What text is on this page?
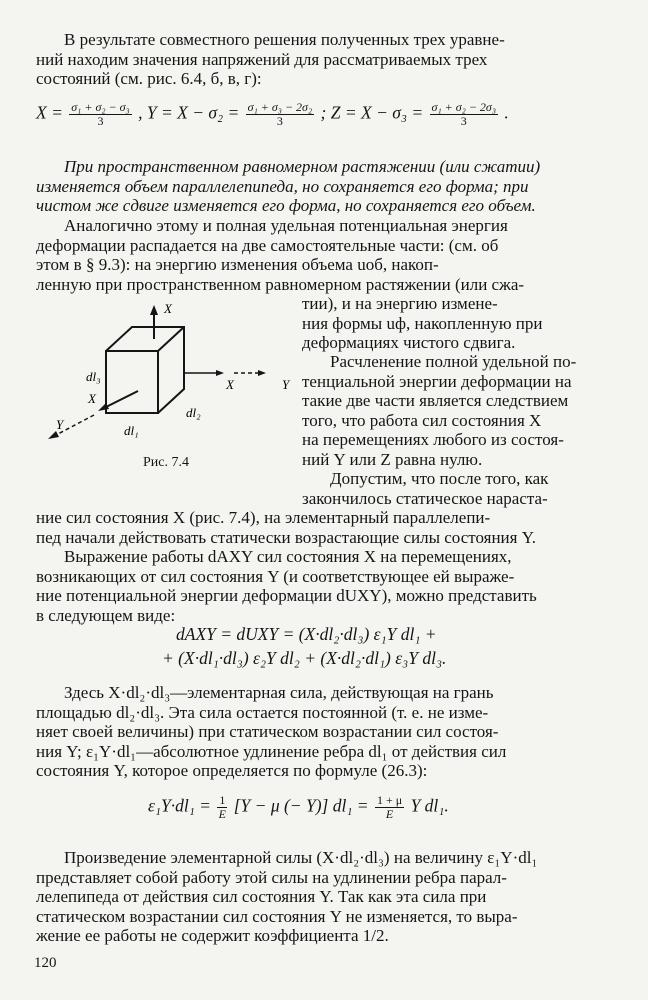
В результате совместного решения полученных трех уравне-

ний находим значения напряжений для рассматриваемых трех

состояний (см. рис. 6.4, б, в, г):

$X = \frac{\text{σ₁ + σ₂ − σ₃}}{3}$ , $Y = X - \sigma_2 = \frac{\text{σ₁ + σ₃ − 2σ₂}}{3}$ ; $Z = X - \sigma_3 = \frac{\text{σ₁ + σ₂ − 2σ₃}}{3}$ .

При пространственном равномерном растяжении (или сжатии)

изменяется объем параллелепипеда, но сохраняется его форма; при

чистом же сдвиге изменяется его форма, но сохраняется его объем.

Аналогично этому и полная удельная потенциальная энергия

деформации распадается на две самостоятельные части: (см. об

этом в § 9.3): на энергию изменения объема uоб, накоп-

ленную при пространственном равномерном растяжении (или сжа-

X
X	Y
X
Y
dl₃
dl₂
dl₁
Рис. 7.4

тии), и на энергию измене-

ния формы uф, накопленную при

деформациях чистого сдвига.

Расчленение полной удельной по-

тенциальной энергии деформации на

такие две части является следствием

того, что работа сил состояния X

на перемещениях любого из состоя-

ний Y или Z равна нулю.

Допустим, что после того, как

закончилось статическое нараста-

ние сил состояния X (рис. 7.4), на элементарный параллелепи-

пед начали действовать статически возрастающие силы состояния Y.

Выражение работы dAXY сил состояния X на перемещениях,

возникающих от сил состояния Y (и соответствующее ей выраже-

ние потенциальной энергии деформации dUXY), можно представить

в следующем виде:

dAXY = dUXY = (X·dl₂·dl₃) ε₁Y dl₁ +
+ (X·dl₁·dl₃) ε₂Y dl₂ + (X·dl₂·dl₁) ε₃Y dl₃.

Здесь X·dl₂·dl₃—элементарная сила, действующая на грань

площадью dl₂·dl₃. Эта сила остается постоянной (т. е. не изме-

няет своей величины) при статическом возрастании сил состоя-

ния Y; ε₁Y·dl₁—абсолютное удлинение ребра dl₁ от действия сил

состояния Y, которое определяется по формуле (26.3):

$\varepsilon_1Y\cdot dl_1 = \frac{1}{E} [Y - \mu$ (− Y)] $dl_1 = \frac{1 + \mu}{E}$ Y dl₁.

Произведение элементарной силы (X·dl₂·dl₃) на величину ε₁Y·dl₁

представляет собой работу этой силы на удлинении ребра парал-

лелепипеда от действия сил состояния Y. Так как эта сила при

статическом возрастании сил состояния Y не изменяется, то выра-

жение ее работы не содержит коэффициента 1/2.

120
